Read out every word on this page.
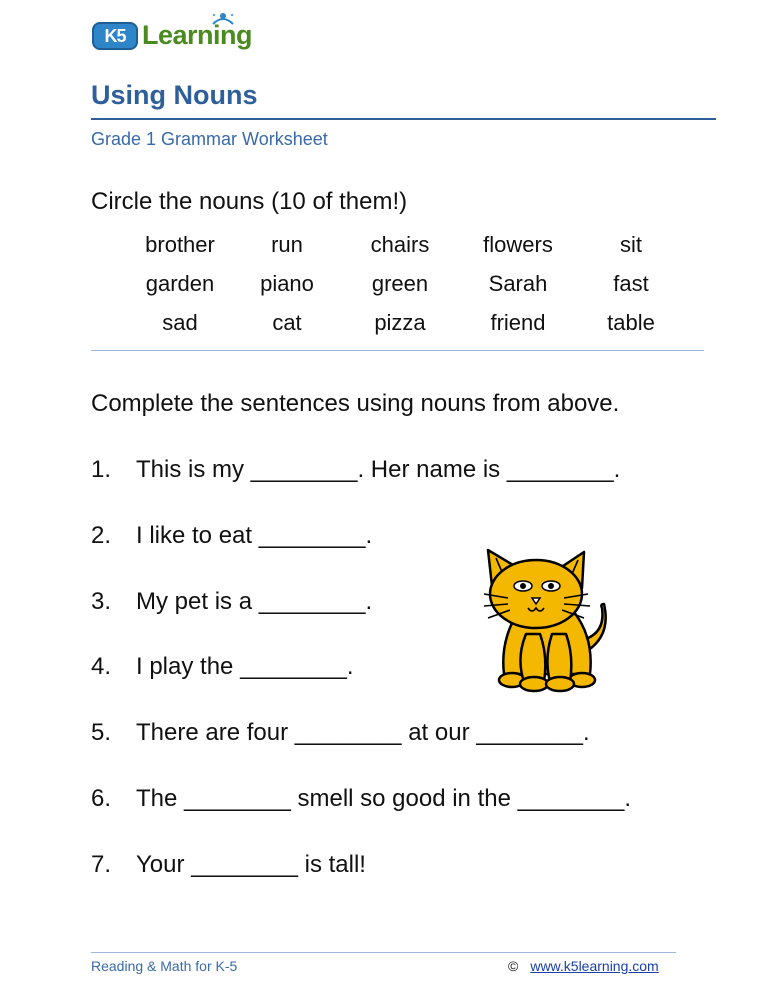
K5 Learning
Using Nouns
Grade 1 Grammar Worksheet
Circle the nouns (10 of them!)
brother	run	chairs	flowers	sit
garden	piano	green	Sarah	fast
sad	cat	pizza	friend	table
Complete the sentences using nouns from above.
1. This is my ________. Her name is ________.
2. I like to eat ________.
3. My pet is a ________.
4. I play the ________.
5. There are four ________ at our ________.
6. The ________ smell so good in the ________.
7. Your ________ is tall!
Reading & Math for K-5	© www.k5learning.com
